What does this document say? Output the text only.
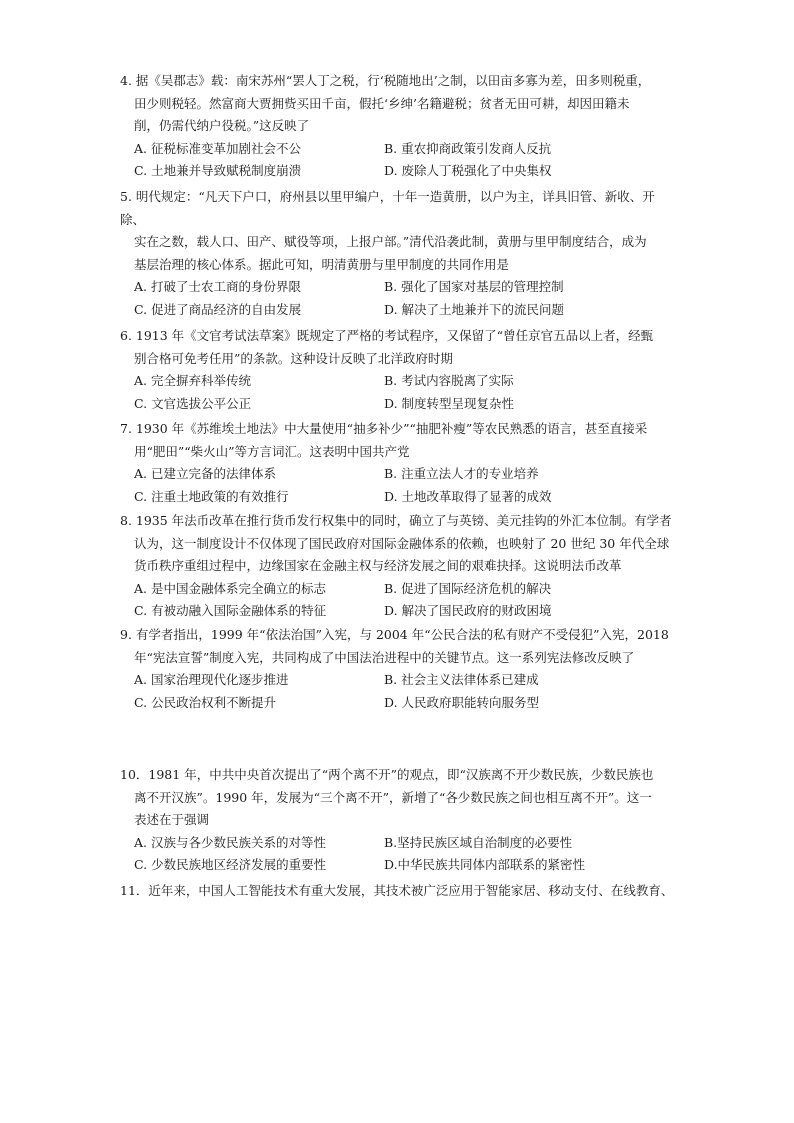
4. 据《吴郡志》载：南宋苏州“罢人丁之税，行‘税随地出’之制，以田亩多寡为差，田多则税重，
田少则税轻。然富商大贾拥赀买田千亩，假托‘乡绅’名籍避税；贫者无田可耕，却因田籍未
削，仍需代纳户役税。”这反映了
A. 征税标准变革加剧社会不公	B. 重农抑商政策引发商人反抗
C. 土地兼并导致赋税制度崩溃	D. 废除人丁税强化了中央集权
5. 明代规定：“凡天下户口，府州县以里甲编户，十年一造黄册，以户为主，详具旧管、新收、开
除、
实在之数，载人口、田产、赋役等项，上报户部。”清代沿袭此制，黄册与里甲制度结合，成为
基层治理的核心体系。据此可知，明清黄册与里甲制度的共同作用是
A. 打破了士农工商的身份界限	B. 强化了国家对基层的管理控制
C. 促进了商品经济的自由发展	D. 解决了土地兼并下的流民问题
6. 1913 年《文官考试法草案》既规定了严格的考试程序，又保留了“曾任京官五品以上者，经甄
别合格可免考任用”的条款。这种设计反映了北洋政府时期
A. 完全摒弃科举传统	B. 考试内容脱离了实际
C. 文官选拔公平公正	D. 制度转型呈现复杂性
7. 1930 年《苏维埃土地法》中大量使用“抽多补少”“抽肥补瘦”等农民熟悉的语言，甚至直接采
用“肥田”“柴火山”等方言词汇。这表明中国共产党
A. 已建立完备的法律体系	B. 注重立法人才的专业培养
C. 注重土地政策的有效推行	D. 土地改革取得了显著的成效
8. 1935 年法币改革在推行货币发行权集中的同时，确立了与英镑、美元挂钩的外汇本位制。有学者
认为，这一制度设计不仅体现了国民政府对国际金融体系的依赖，也映射了 20 世纪 30 年代全球
货币秩序重组过程中，边缘国家在金融主权与经济发展之间的艰难抉择。这说明法币改革
A. 是中国金融体系完全确立的标志	B. 促进了国际经济危机的解决
C. 有被动融入国际金融体系的特征	D. 解决了国民政府的财政困境
9. 有学者指出，1999 年“依法治国”入宪，与 2004 年“公民合法的私有财产不受侵犯”入宪，2018
年“宪法宣誓”制度入宪，共同构成了中国法治进程中的关键节点。这一系列宪法修改反映了
A. 国家治理现代化逐步推进	B. 社会主义法律体系已建成
C. 公民政治权利不断提升	D. 人民政府职能转向服务型
10．1981 年，中共中央首次提出了“两个离不开”的观点，即“汉族离不开少数民族，少数民族也
离不开汉族”。1990 年，发展为“三个离不开”，新增了“各少数民族之间也相互离不开”。这一
表述在于强调
A. 汉族与各少数民族关系的对等性	B.坚持民族区域自治制度的必要性
C. 少数民族地区经济发展的重要性	D.中华民族共同体内部联系的紧密性
11．近年来，中国人工智能技术有重大发展，其技术被广泛应用于智能家居、移动支付、在线教育、
